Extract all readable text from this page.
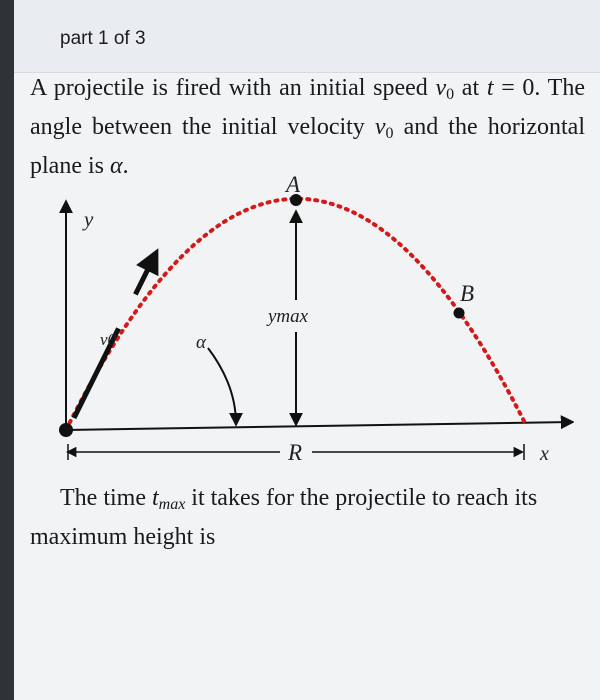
part 1 of 3
A projectile is fired with an initial speed v0 at t = 0. The angle between the initial velocity v0 and the horizontal plane is α.
A
B
y
v0	α
ymax
R	x
The time $t_{max}$ it takes for the projectile to reach its maximum height is
